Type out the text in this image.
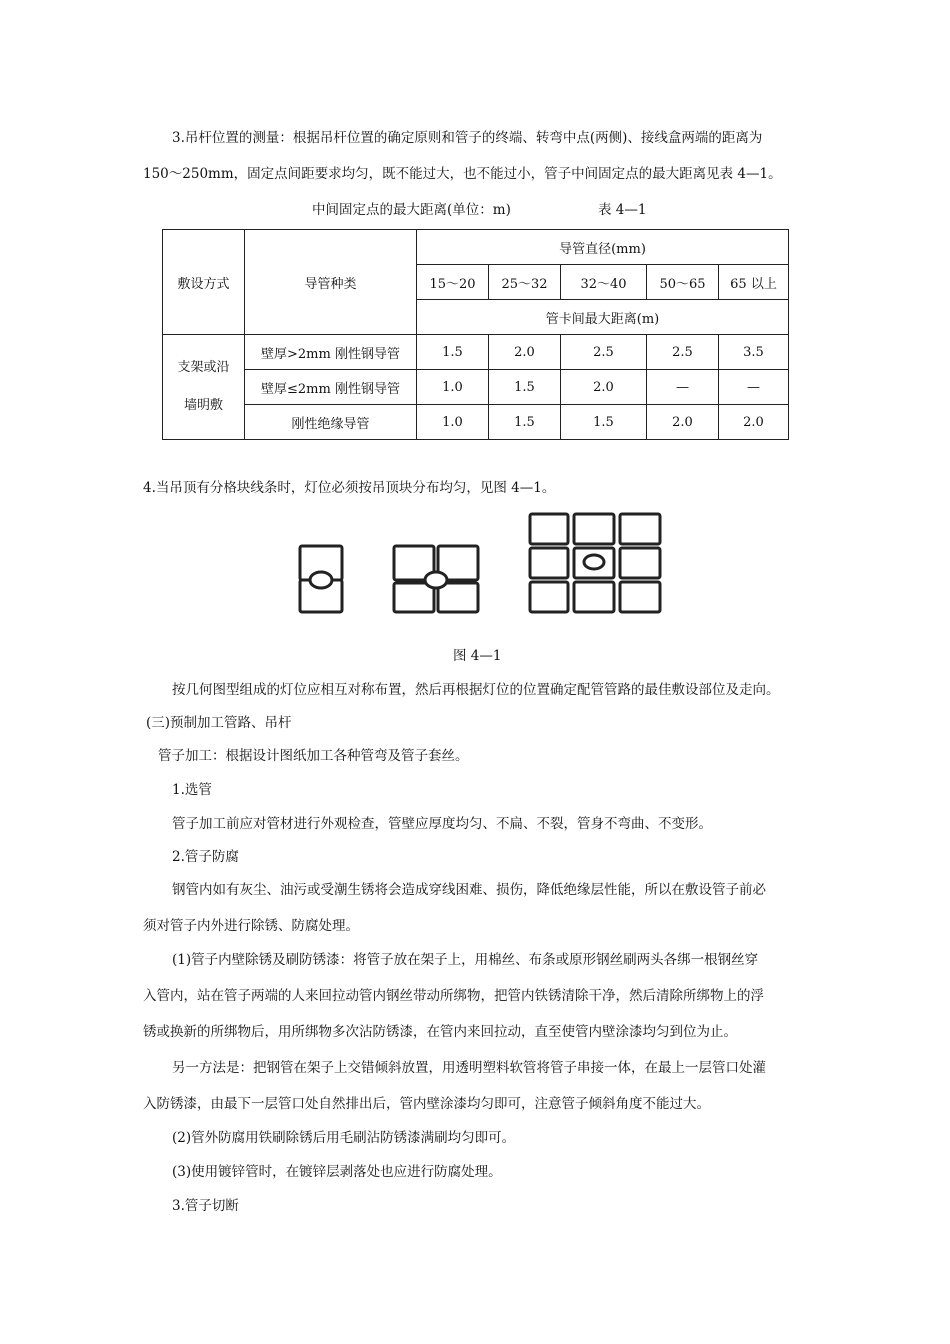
3.吊杆位置的测量：根据吊杆位置的确定原则和管子的终端、转弯中点(两侧)、接线盒两端的距离为
150～250mm，固定点间距要求均匀，既不能过大，也不能过小，管子中间固定点的最大距离见表 4—1。
中间固定点的最大距离(单位：m)	表 4—1
敷设方式	导管种类	导管直径(mm)				
		15～20	25～32	32～40	50～65	65 以上
		管卡间最大距离(m)				

支架或沿
墙明敷	壁厚>2mm 刚性钢导管	1.5	2.0	2.5	2.5	3.5
	壁厚≤2mm 刚性钢导管	1.0	1.5	2.0	—	—
	刚性绝缘导管	1.0	1.5	1.5	2.0	2.0
4.当吊顶有分格块线条时，灯位必须按吊顶块分布均匀，见图 4—1。
图 4—1
按几何图型组成的灯位应相互对称布置，然后再根据灯位的位置确定配管管路的最佳敷设部位及走向。
(三)预制加工管路、吊杆
管子加工：根据设计图纸加工各种管弯及管子套丝。
1.选管
管子加工前应对管材进行外观检查，管壁应厚度均匀、不扁、不裂，管身不弯曲、不变形。
2.管子防腐
钢管内如有灰尘、油污或受潮生锈将会造成穿线困难、损伤，降低绝缘层性能，所以在敷设管子前必
须对管子内外进行除锈、防腐处理。
(1)管子内壁除锈及刷防锈漆：将管子放在架子上，用棉丝、布条或原形钢丝刷两头各绑一根钢丝穿
入管内，站在管子两端的人来回拉动管内钢丝带动所绑物，把管内铁锈清除干净，然后清除所绑物上的浮
锈或换新的所绑物后，用所绑物多次沾防锈漆，在管内来回拉动，直至使管内壁涂漆均匀到位为止。
另一方法是：把钢管在架子上交错倾斜放置，用透明塑料软管将管子串接一体，在最上一层管口处灌
入防锈漆，由最下一层管口处自然排出后，管内壁涂漆均匀即可，注意管子倾斜角度不能过大。
(2)管外防腐用铁刷除锈后用毛刷沾防锈漆满刷均匀即可。
(3)使用镀锌管时，在镀锌层剥落处也应进行防腐处理。
3.管子切断
